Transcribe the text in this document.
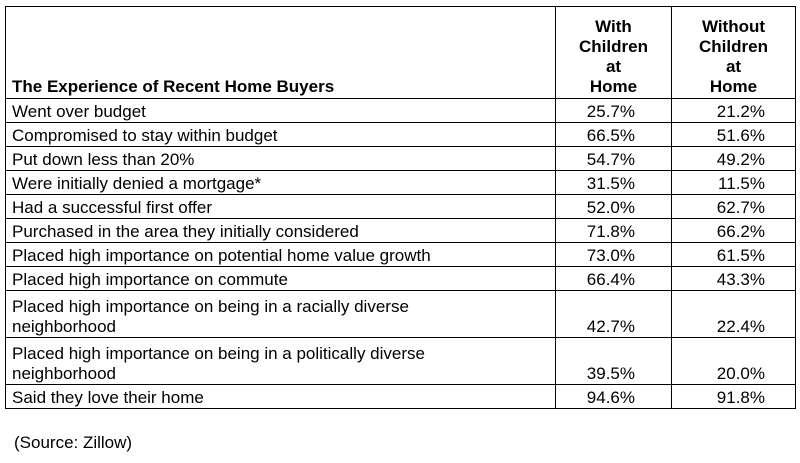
The Experience of Recent Home Buyers	With
Children
at
Home	Without
Children
at
Home

Went over budget	25.7%	21.2%
Compromised to stay within budget	66.5%	51.6%
Put down less than 20%	54.7%	49.2%
Were initially denied a mortgage*	31.5%	11.5%
Had a successful first offer	52.0%	62.7%
Purchased in the area they initially considered	71.8%	66.2%
Placed high importance on potential home value growth	73.0%	61.5%
Placed high importance on commute	66.4%	43.3%

Placed high importance on being in a racially diverse
neighborhood	42.7%	22.4%

Placed high importance on being in a politically diverse
neighborhood	39.5%	20.0%
Said they love their home	94.6%	91.8%
(Source: Zillow)
